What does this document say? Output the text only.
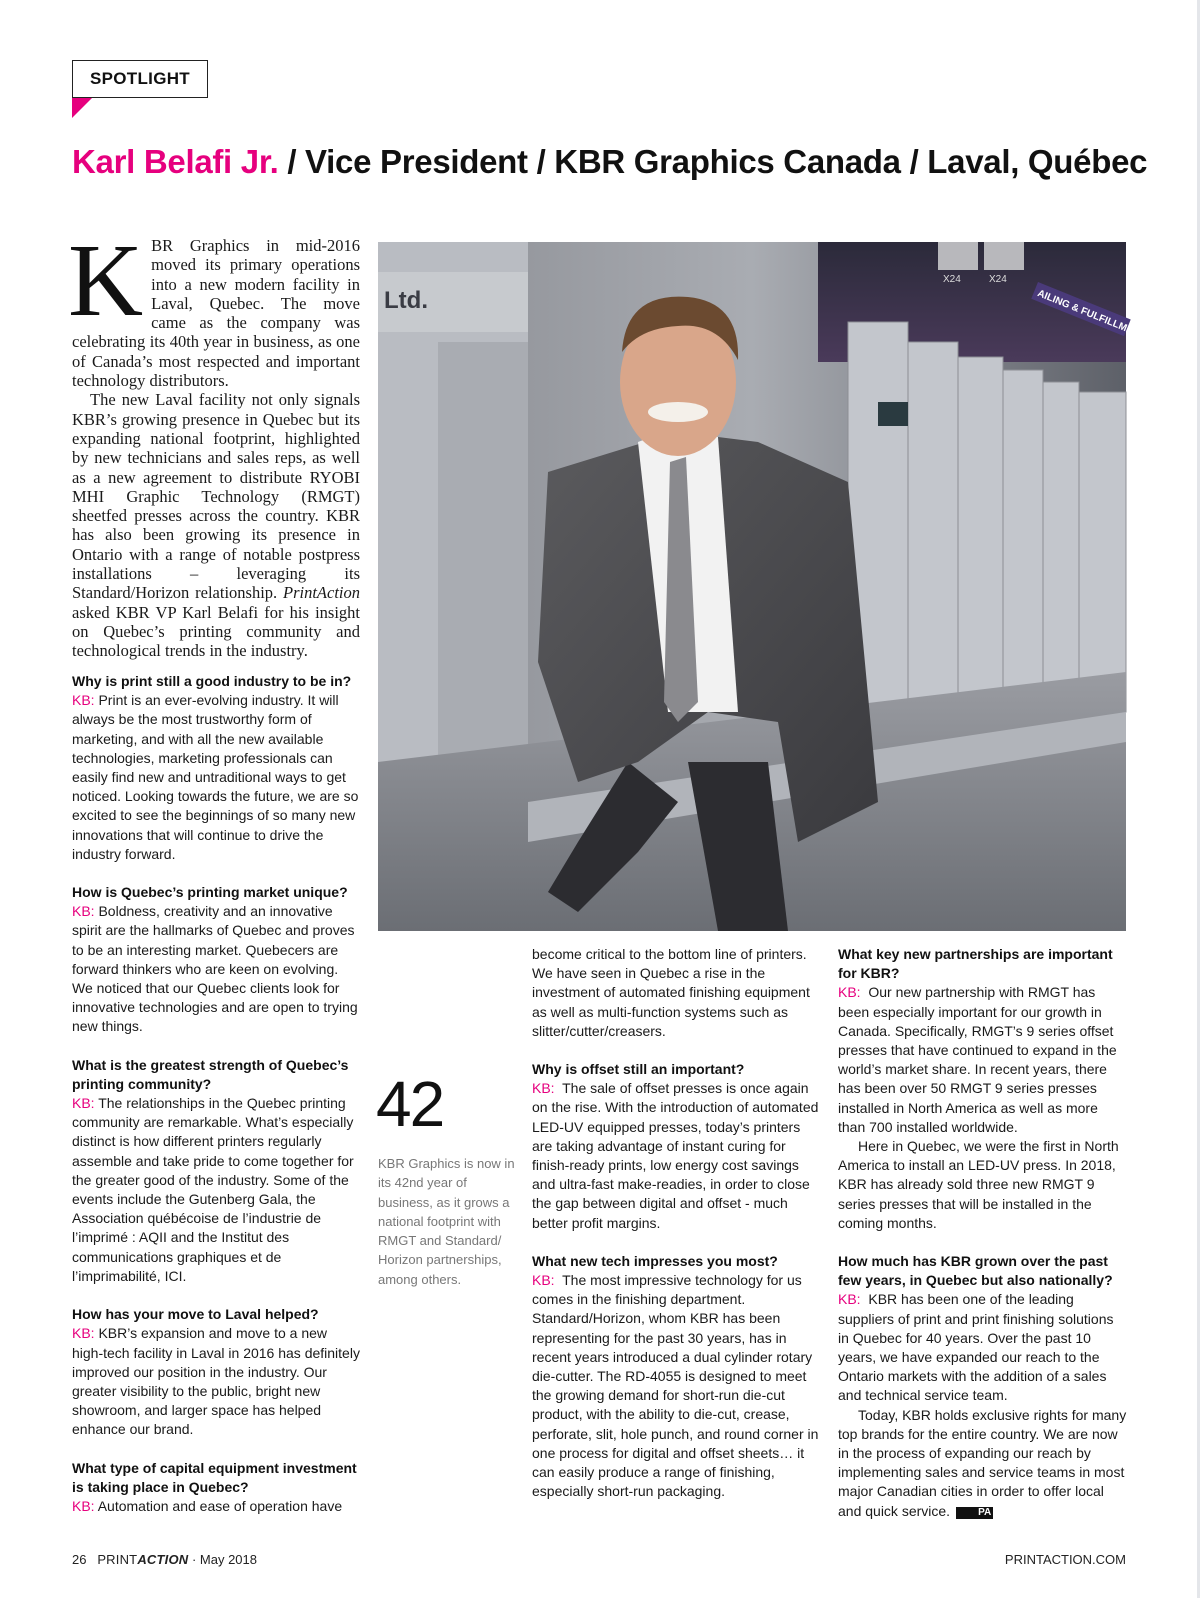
SPOTLIGHT
Karl Belafi Jr. / Vice President / KBR Graphics Canada / Laval, Québec

KBR Graphics in mid-2016 moved its primary operations into a new modern facility in Laval, Quebec. The move came as the company was celebrating its 40th year in business, as one of Canada’s most respected and important technology distributors.

The new Laval facility not only signals KBR’s growing presence in Quebec but its expanding national footprint, highlighted by new technicians and sales reps, as well as a new agreement to distribute RYOBI MHI Graphic Technology (RMGT) sheetfed presses across the country. KBR has also been growing its presence in Ontario with a range of notable postpress installations – leveraging its Standard/Horizon relationship. PrintAction asked KBR VP Karl Belafi for his insight on Quebec’s printing community and technological trends in the industry.

Why is print still a good industry to be in?

KB: Print is an ever-evolving industry. It will always be the most trustworthy form of marketing, and with all the new available technologies, marketing professionals can easily find new and untraditional ways to get noticed. Looking towards the future, we are so excited to see the beginnings of so many new innovations that will continue to drive the industry forward.

How is Quebec’s printing market unique?

KB: Boldness, creativity and an innovative spirit are the hallmarks of Quebec and proves to be an interesting market. Quebecers are forward thinkers who are keen on evolving. We noticed that our Quebec clients look for innovative technologies and are open to trying new things.

What is the greatest strength of Quebec’s printing community?

KB: The relationships in the Quebec printing community are remarkable. What’s especially distinct is how different printers regularly assemble and take pride to come together for the greater good of the industry. Some of the events include the Gutenberg Gala, the Association québécoise de l’industrie de l’imprimé : AQII and the Institut des communications graphiques et de l’imprimabilité, ICI.

How has your move to Laval helped?

KB: KBR’s expansion and move to a new high-tech facility in Laval in 2016 has definitely improved our position in the industry. Our greater visibility to the public, bright new showroom, and larger space has helped enhance our brand.

What type of capital equipment investment is taking place in Quebec?

KB: Automation and ease of operation have

X24	X24
AILING & FULFILLMENT
Ltd.
42
KBR Graphics is now in its 42nd year of business, as it grows a national footprint with RMGT and Standard/ Horizon partnerships, among others.

become critical to the bottom line of printers. We have seen in Quebec a rise in the investment of automated finishing equipment as well as multi-function systems such as slitter/cutter/creasers.

Why is offset still an important?

KB: The sale of offset presses is once again on the rise. With the introduction of automated LED-UV equipped presses, today’s printers are taking advantage of instant curing for finish-ready prints, low energy cost savings and ultra-fast make-readies, in order to close the gap between digital and offset - much better profit margins.

What new tech impresses you most?

KB: The most impressive technology for us comes in the finishing department. Standard/Horizon, whom KBR has been representing for the past 30 years, has in recent years introduced a dual cylinder rotary die-cutter. The RD-4055 is designed to meet the growing demand for short-run die-cut product, with the ability to die-cut, crease, perforate, slit, hole punch, and round corner in one process for digital and offset sheets… it can easily produce a range of finishing, especially short-run packaging.

What key new partnerships are important for KBR?

KB: Our new partnership with RMGT has been especially important for our growth in Canada. Specifically, RMGT’s 9 series offset presses that have continued to expand in the world’s market share. In recent years, there has been over 50 RMGT 9 series presses installed in North America as well as more than 700 installed worldwide.

Here in Quebec, we were the first in North America to install an LED-UV press. In 2018, KBR has already sold three new RMGT 9 series presses that will be installed in the coming months.

How much has KBR grown over the past few years, in Quebec but also nationally?

KB: KBR has been one of the leading suppliers of print and print finishing solutions in Quebec for 40 years. Over the past 10 years, we have expanded our reach to the Ontario markets with the addition of a sales and technical service team.

Today, KBR holds exclusive rights for many top brands for the entire country. We are now in the process of expanding our reach by implementing sales and service teams in most major Canadian cities in order to offer local and quick service.	PA

26 PRINTACTION · May 2018	PRINTACTION.COM
